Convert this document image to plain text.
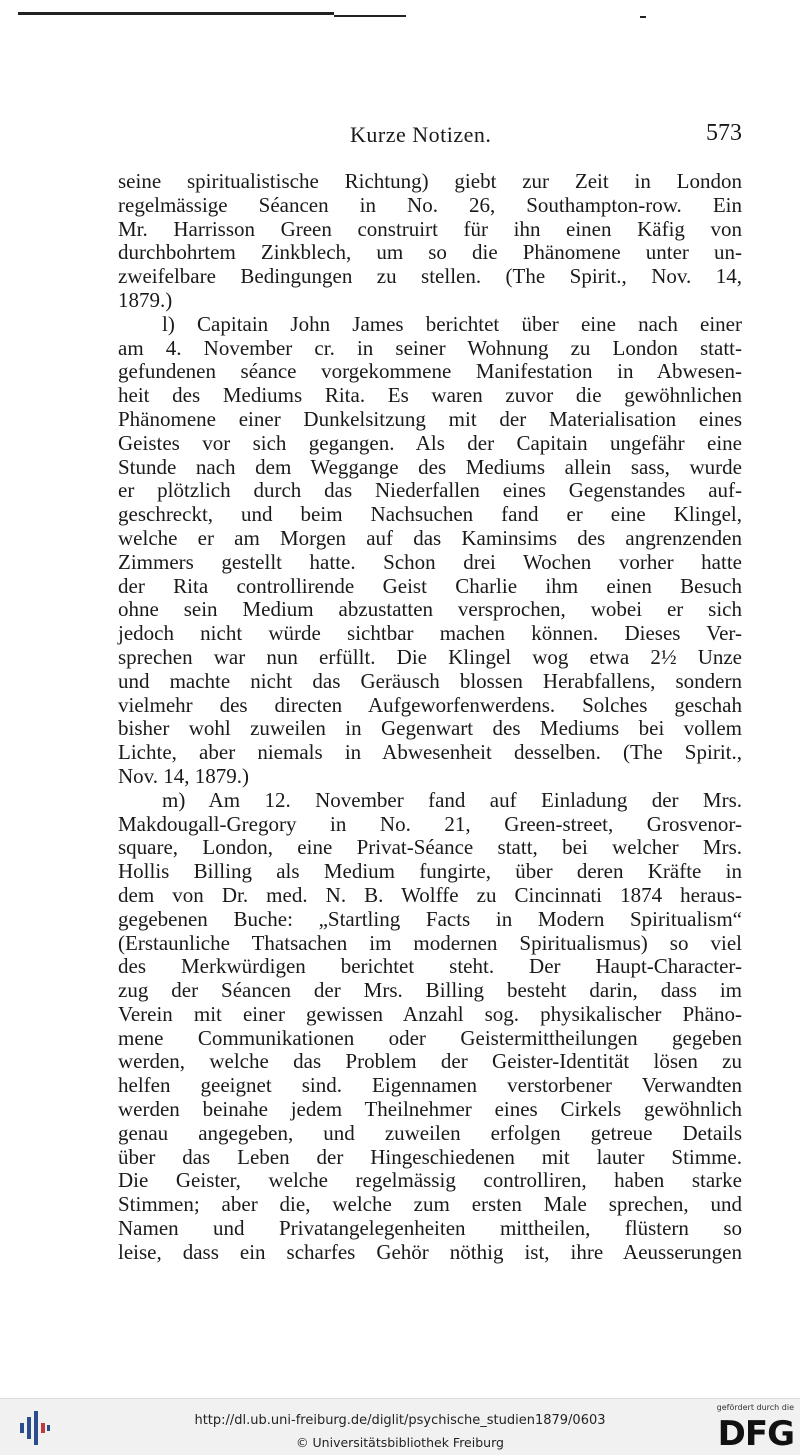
Kurze Notizen.	573
seine spiritualistische Richtung) giebt zur Zeit in London
regelmässige Séancen in No. 26, Southampton-row. Ein
Mr. Harrisson Green construirt für ihn einen Käfig von
durchbohrtem Zinkblech, um so die Phänomene unter un-
zweifelbare Bedingungen zu stellen. (The Spirit., Nov. 14,
1879.)
l) Capitain John James berichtet über eine nach einer
am 4. November cr. in seiner Wohnung zu London statt-
gefundenen séance vorgekommene Manifestation in Abwesen-
heit des Mediums Rita. Es waren zuvor die gewöhnlichen
Phänomene einer Dunkelsitzung mit der Materialisation eines
Geistes vor sich gegangen. Als der Capitain ungefähr eine
Stunde nach dem Weggange des Mediums allein sass, wurde
er plötzlich durch das Niederfallen eines Gegenstandes auf-
geschreckt, und beim Nachsuchen fand er eine Klingel,
welche er am Morgen auf das Kaminsims des angrenzenden
Zimmers gestellt hatte. Schon drei Wochen vorher hatte
der Rita controllirende Geist Charlie ihm einen Besuch
ohne sein Medium abzustatten versprochen, wobei er sich
jedoch nicht würde sichtbar machen können. Dieses Ver-
sprechen war nun erfüllt. Die Klingel wog etwa 2½ Unze
und machte nicht das Geräusch blossen Herabfallens, sondern
vielmehr des directen Aufgeworfenwerdens. Solches geschah
bisher wohl zuweilen in Gegenwart des Mediums bei vollem
Lichte, aber niemals in Abwesenheit desselben. (The Spirit.,
Nov. 14, 1879.)
m) Am 12. November fand auf Einladung der Mrs.
Makdougall-Gregory in No. 21, Green-street, Grosvenor-
square, London, eine Privat-Séance statt, bei welcher Mrs.
Hollis Billing als Medium fungirte, über deren Kräfte in
dem von Dr. med. N. B. Wolffe zu Cincinnati 1874 heraus-
gegebenen Buche: „Startling Facts in Modern Spiritualism“
(Erstaunliche Thatsachen im modernen Spiritualismus) so viel
des Merkwürdigen berichtet steht. Der Haupt-Character-
zug der Séancen der Mrs. Billing besteht darin, dass im
Verein mit einer gewissen Anzahl sog. physikalischer Phäno-
mene Communikationen oder Geistermittheilungen gegeben
werden, welche das Problem der Geister-Identität lösen zu
helfen geeignet sind. Eigennamen verstorbener Verwandten
werden beinahe jedem Theilnehmer eines Cirkels gewöhnlich
genau angegeben, und zuweilen erfolgen getreue Details
über das Leben der Hingeschiedenen mit lauter Stimme.
Die Geister, welche regelmässig controlliren, haben starke
Stimmen; aber die, welche zum ersten Male sprechen, und
Namen und Privatangelegenheiten mittheilen, flüstern so
leise, dass ein scharfes Gehör nöthig ist, ihre Aeusserungen
http://dl.ub.uni-freiburg.de/diglit/psychische_studien1879/0603
© Universitätsbibliothek Freiburg
gefördert durch die
DFG
